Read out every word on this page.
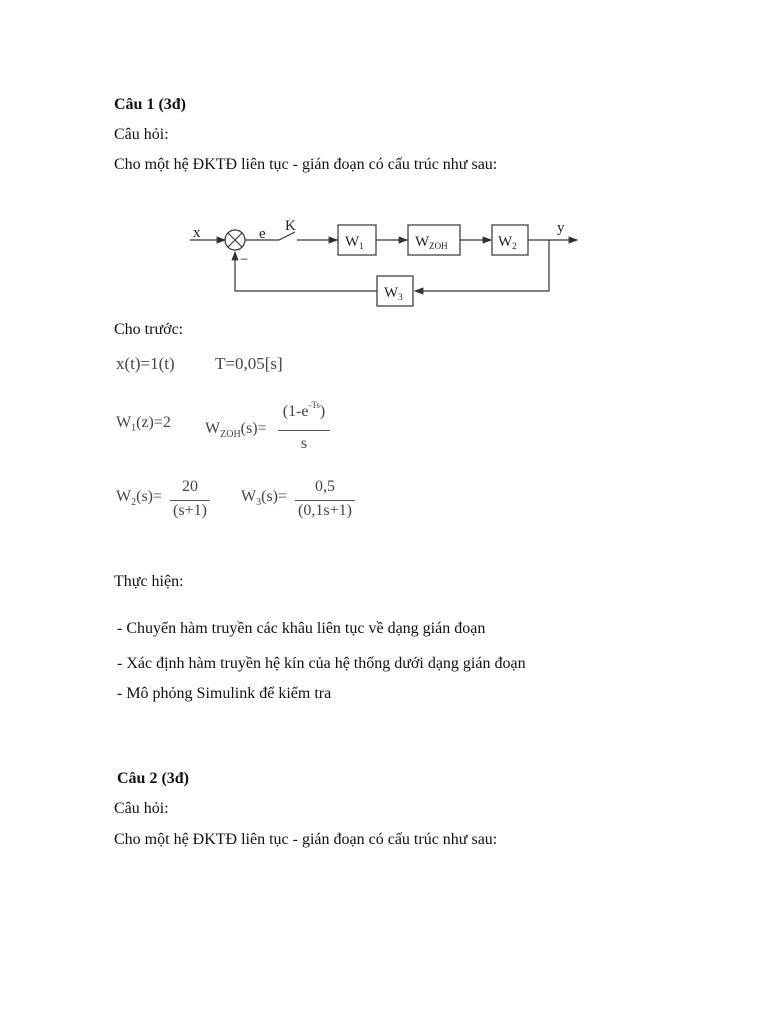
Câu 1 (3đ)
Câu hỏi:
Cho một hệ ĐKTĐ liên tục - gián đoạn có cấu trúc như sau:
x	e K
−
y
$W_1$	$W_{ZOH}$	$W_2$
$W_3$
Cho trước:
x(t)=1(t) T=0,05[s]
$W_1(z)=2$ $W_{ZOH}(s)=$
$(1-e^{-Ts})$
s
$W_2(s)=$
20
(s+1)
$W_3(s)=$
0,5
(0,1s+1)
Thực hiện:
- Chuyển hàm truyền các khâu liên tục về dạng gián đoạn
- Xác định hàm truyền hệ kín của hệ thống dưới dạng gián đoạn
- Mô phỏng Simulink để kiểm tra
Câu 2 (3đ)
Câu hỏi:
Cho một hệ ĐKTĐ liên tục - gián đoạn có cấu trúc như sau:
